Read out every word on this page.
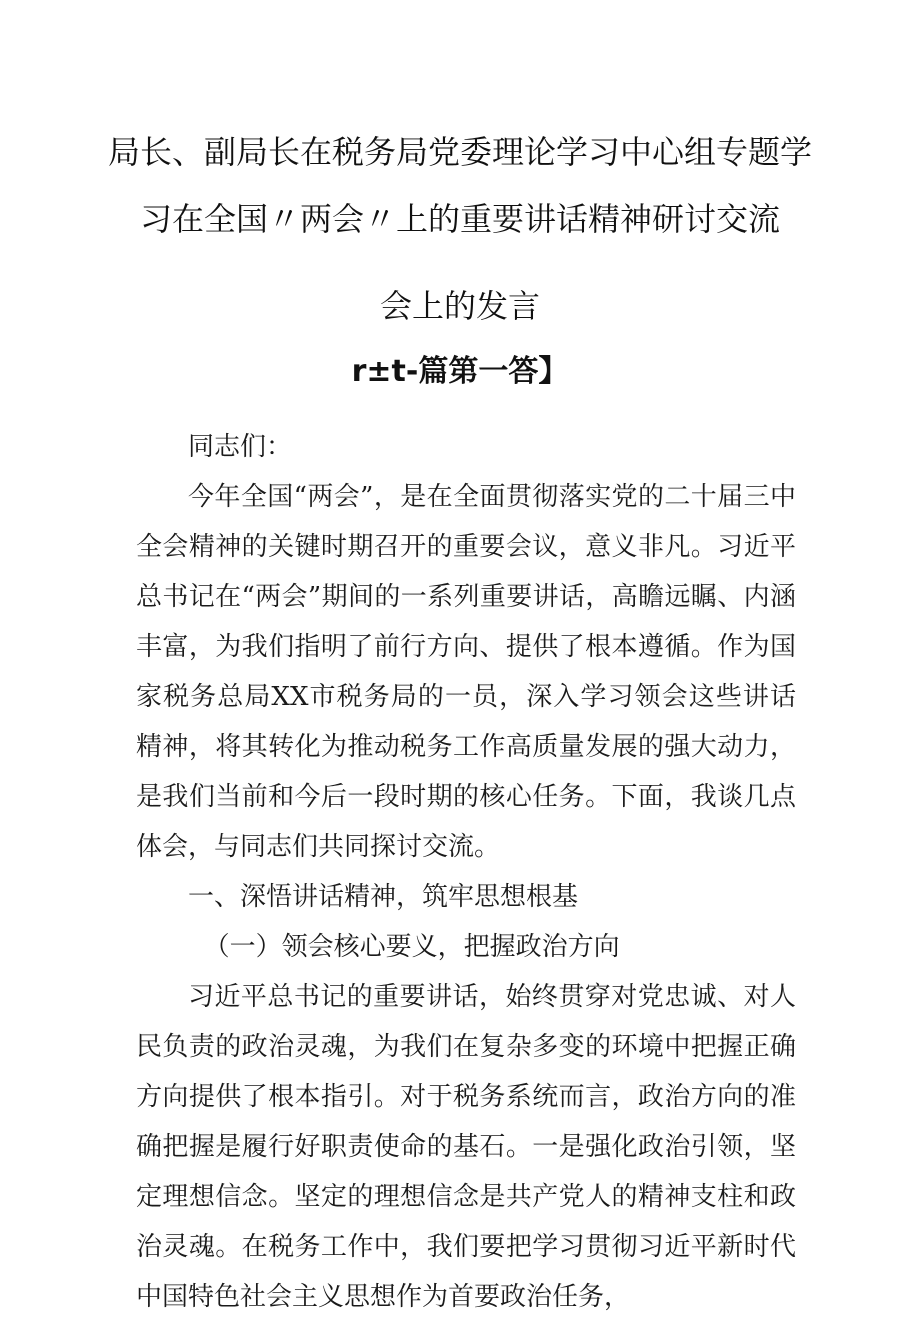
局长、副局长在税务局党委理论学习中心组专题学
习在全国〃两会〃上的重要讲话精神研讨交流
会上的发言
r±t-篇第一答】

同志们：

今年全国“两会”，是在全面贯彻落实党的二十届三中全会精神的关键时期召开的重要会议，意义非凡。习近平总书记在“两会”期间的一系列重要讲话，高瞻远瞩、内涵丰富，为我们指明了前行方向、提供了根本遵循。作为国家税务总局XX市税务局的一员，深入学习领会这些讲话精神，将其转化为推动税务工作高质量发展的强大动力，是我们当前和今后一段时期的核心任务。下面，我谈几点体会，与同志们共同探讨交流。

一、深悟讲话精神，筑牢思想根基

（一）领会核心要义，把握政治方向

习近平总书记的重要讲话，始终贯穿对党忠诚、对人民负责的政治灵魂，为我们在复杂多变的环境中把握正确方向提供了根本指引。对于税务系统而言，政治方向的准确把握是履行好职责使命的基石。一是强化政治引领，坚定理想信念。坚定的理想信念是共产党人的精神支柱和政治灵魂。在税务工作中，我们要把学习贯彻习近平新时代中国特色社会主义思想作为首要政治任务，
